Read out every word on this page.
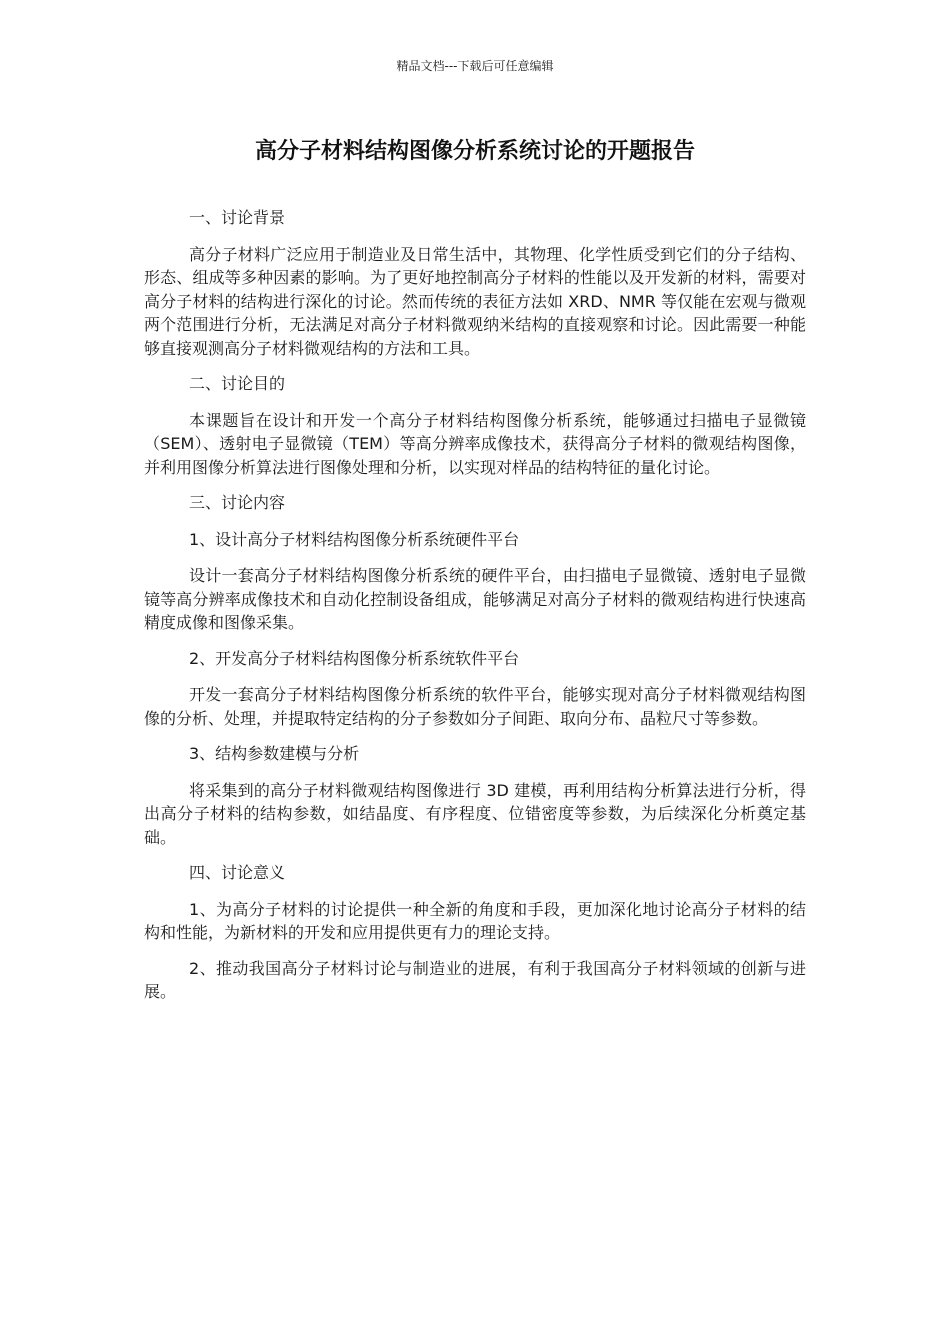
精品文档---下载后可任意编辑
高分子材料结构图像分析系统讨论的开题报告

一、讨论背景

高分子材料广泛应用于制造业及日常生活中，其物理、化学性质受到它们的分子结构、形态、组成等多种因素的影响。为了更好地控制高分子材料的性能以及开发新的材料，需要对高分子材料的结构进行深化的讨论。然而传统的表征方法如 XRD、NMR 等仅能在宏观与微观两个范围进行分析，无法满足对高分子材料微观纳米结构的直接观察和讨论。因此需要一种能够直接观测高分子材料微观结构的方法和工具。

二、讨论目的

本课题旨在设计和开发一个高分子材料结构图像分析系统，能够通过扫描电子显微镜（SEM）、透射电子显微镜（TEM）等高分辨率成像技术，获得高分子材料的微观结构图像，并利用图像分析算法进行图像处理和分析，以实现对样品的结构特征的量化讨论。

三、讨论内容

1、设计高分子材料结构图像分析系统硬件平台

设计一套高分子材料结构图像分析系统的硬件平台，由扫描电子显微镜、透射电子显微镜等高分辨率成像技术和自动化控制设备组成，能够满足对高分子材料的微观结构进行快速高精度成像和图像采集。

2、开发高分子材料结构图像分析系统软件平台

开发一套高分子材料结构图像分析系统的软件平台，能够实现对高分子材料微观结构图像的分析、处理，并提取特定结构的分子参数如分子间距、取向分布、晶粒尺寸等参数。

3、结构参数建模与分析

将采集到的高分子材料微观结构图像进行 3D 建模，再利用结构分析算法进行分析，得出高分子材料的结构参数，如结晶度、有序程度、位错密度等参数，为后续深化分析奠定基础。

四、讨论意义

1、为高分子材料的讨论提供一种全新的角度和手段，更加深化地讨论高分子材料的结构和性能，为新材料的开发和应用提供更有力的理论支持。

2、推动我国高分子材料讨论与制造业的进展，有利于我国高分子材料领域的创新与进展。
